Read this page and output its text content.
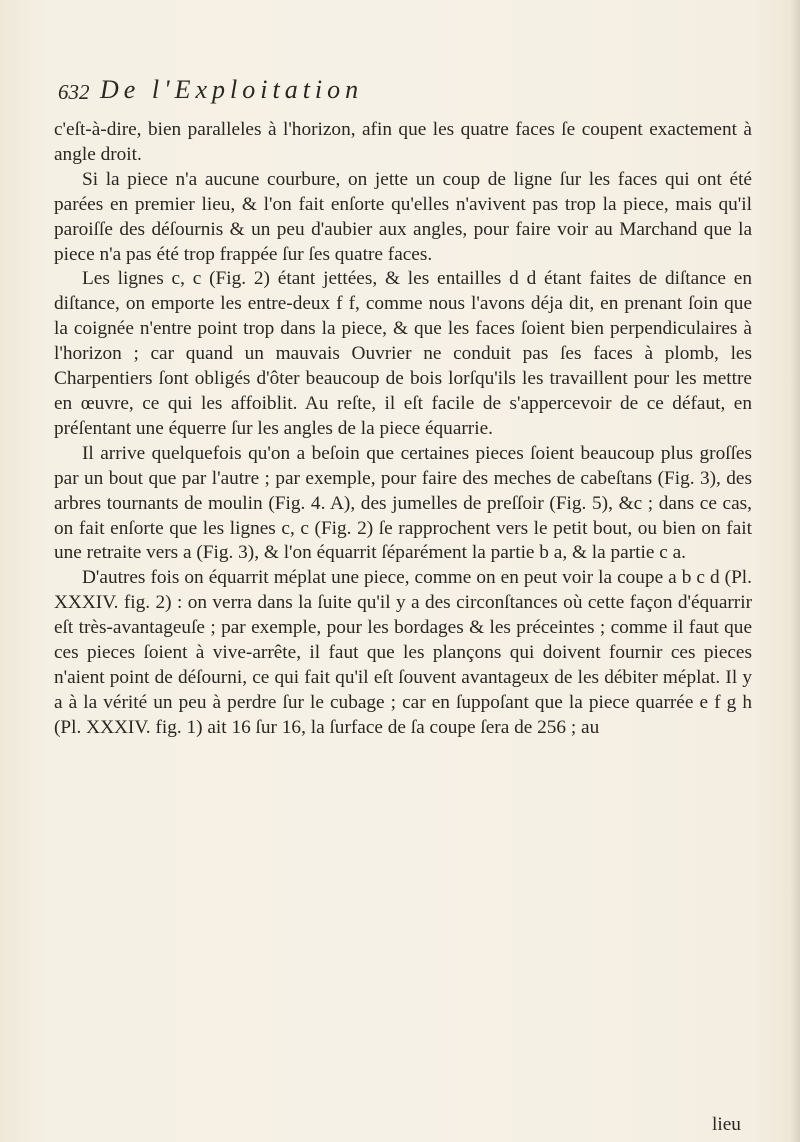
632 De l'Exploitation

c'eſt-à-dire, bien paralleles à l'horizon, afin que les quatre faces ſe coupent exactement à angle droit.

Si la piece n'a aucune courbure, on jette un coup de ligne ſur les faces qui ont été parées en premier lieu, & l'on fait enſorte qu'elles n'avivent pas trop la piece, mais qu'il paroiſſe des déſournis & un peu d'aubier aux angles, pour faire voir au Marchand que la piece n'a pas été trop frappée ſur ſes quatre faces.

Les lignes c, c (Fig. 2) étant jettées, & les entailles d d étant faites de diſtance en diſtance, on emporte les entre-deux f f, comme nous l'avons déja dit, en prenant ſoin que la coignée n'entre point trop dans la piece, & que les faces ſoient bien perpendiculaires à l'horizon ; car quand un mauvais Ouvrier ne conduit pas ſes faces à plomb, les Charpentiers ſont obligés d'ôter beaucoup de bois lorſqu'ils les travaillent pour les mettre en œuvre, ce qui les affoiblit. Au reſte, il eſt facile de s'appercevoir de ce défaut, en préſentant une équerre ſur les angles de la piece équarrie.

Il arrive quelquefois qu'on a beſoin que certaines pieces ſoient beaucoup plus groſſes par un bout que par l'autre ; par exemple, pour faire des meches de cabeſtans (Fig. 3), des arbres tournants de moulin (Fig. 4. A), des jumelles de preſſoir (Fig. 5), &c ; dans ce cas, on fait enſorte que les lignes c, c (Fig. 2) ſe rapprochent vers le petit bout, ou bien on fait une retraite vers a (Fig. 3), & l'on équarrit ſéparément la partie b a, & la partie c a.

D'autres fois on équarrit méplat une piece, comme on en peut voir la coupe a b c d (Pl. XXXIV. fig. 2) : on verra dans la ſuite qu'il y a des circonſtances où cette façon d'équarrir eſt très-avantageuſe ; par exemple, pour les bordages & les préceintes ; comme il faut que ces pieces ſoient à vive-arrête, il faut que les plançons qui doivent fournir ces pieces n'aient point de déſourni, ce qui fait qu'il eſt ſouvent avantageux de les débiter méplat. Il y a à la vérité un peu à perdre ſur le cubage ; car en ſuppoſant que la piece quarrée e f g h (Pl. XXXIV. fig. 1) ait 16 ſur 16, la ſurface de ſa coupe ſera de 256 ; au

lieu
